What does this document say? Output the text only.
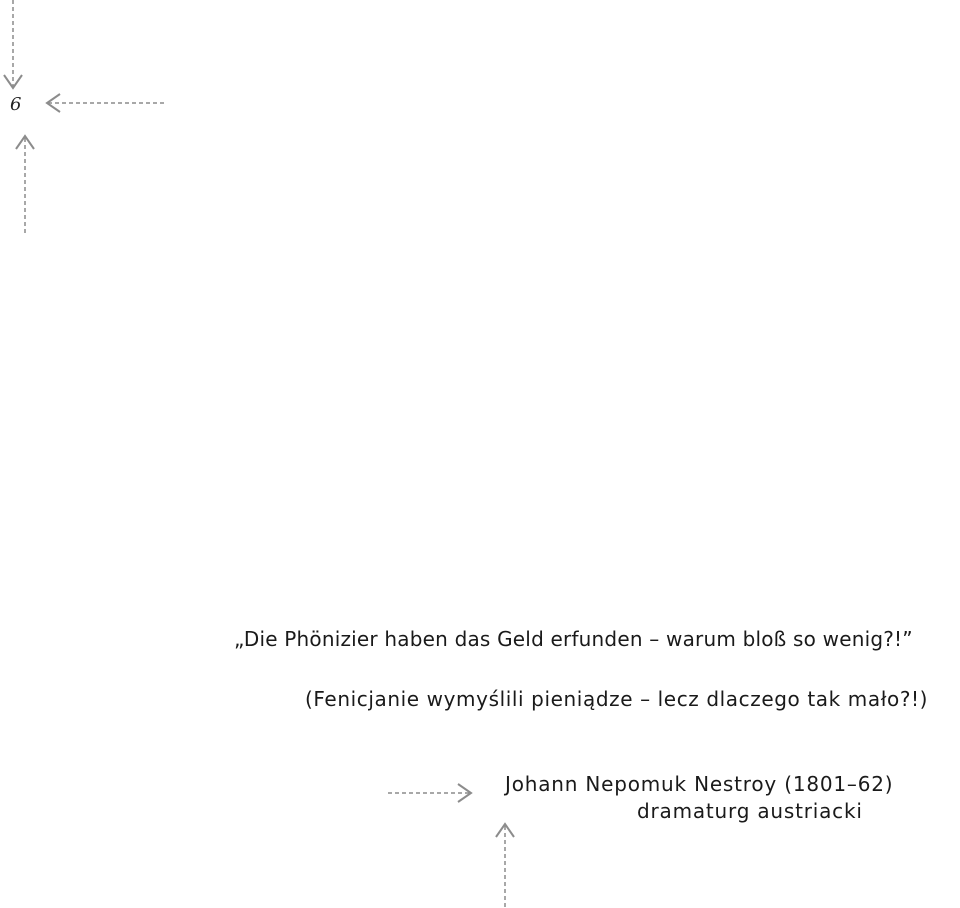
6
„Die Phönizier haben das Geld erfunden – warum bloß so wenig?!”
(Fenicjanie wymyślili pieniądze – lecz dlaczego tak mało?!)
Johann Nepomuk Nestroy (1801–62)
dramaturg austriacki
